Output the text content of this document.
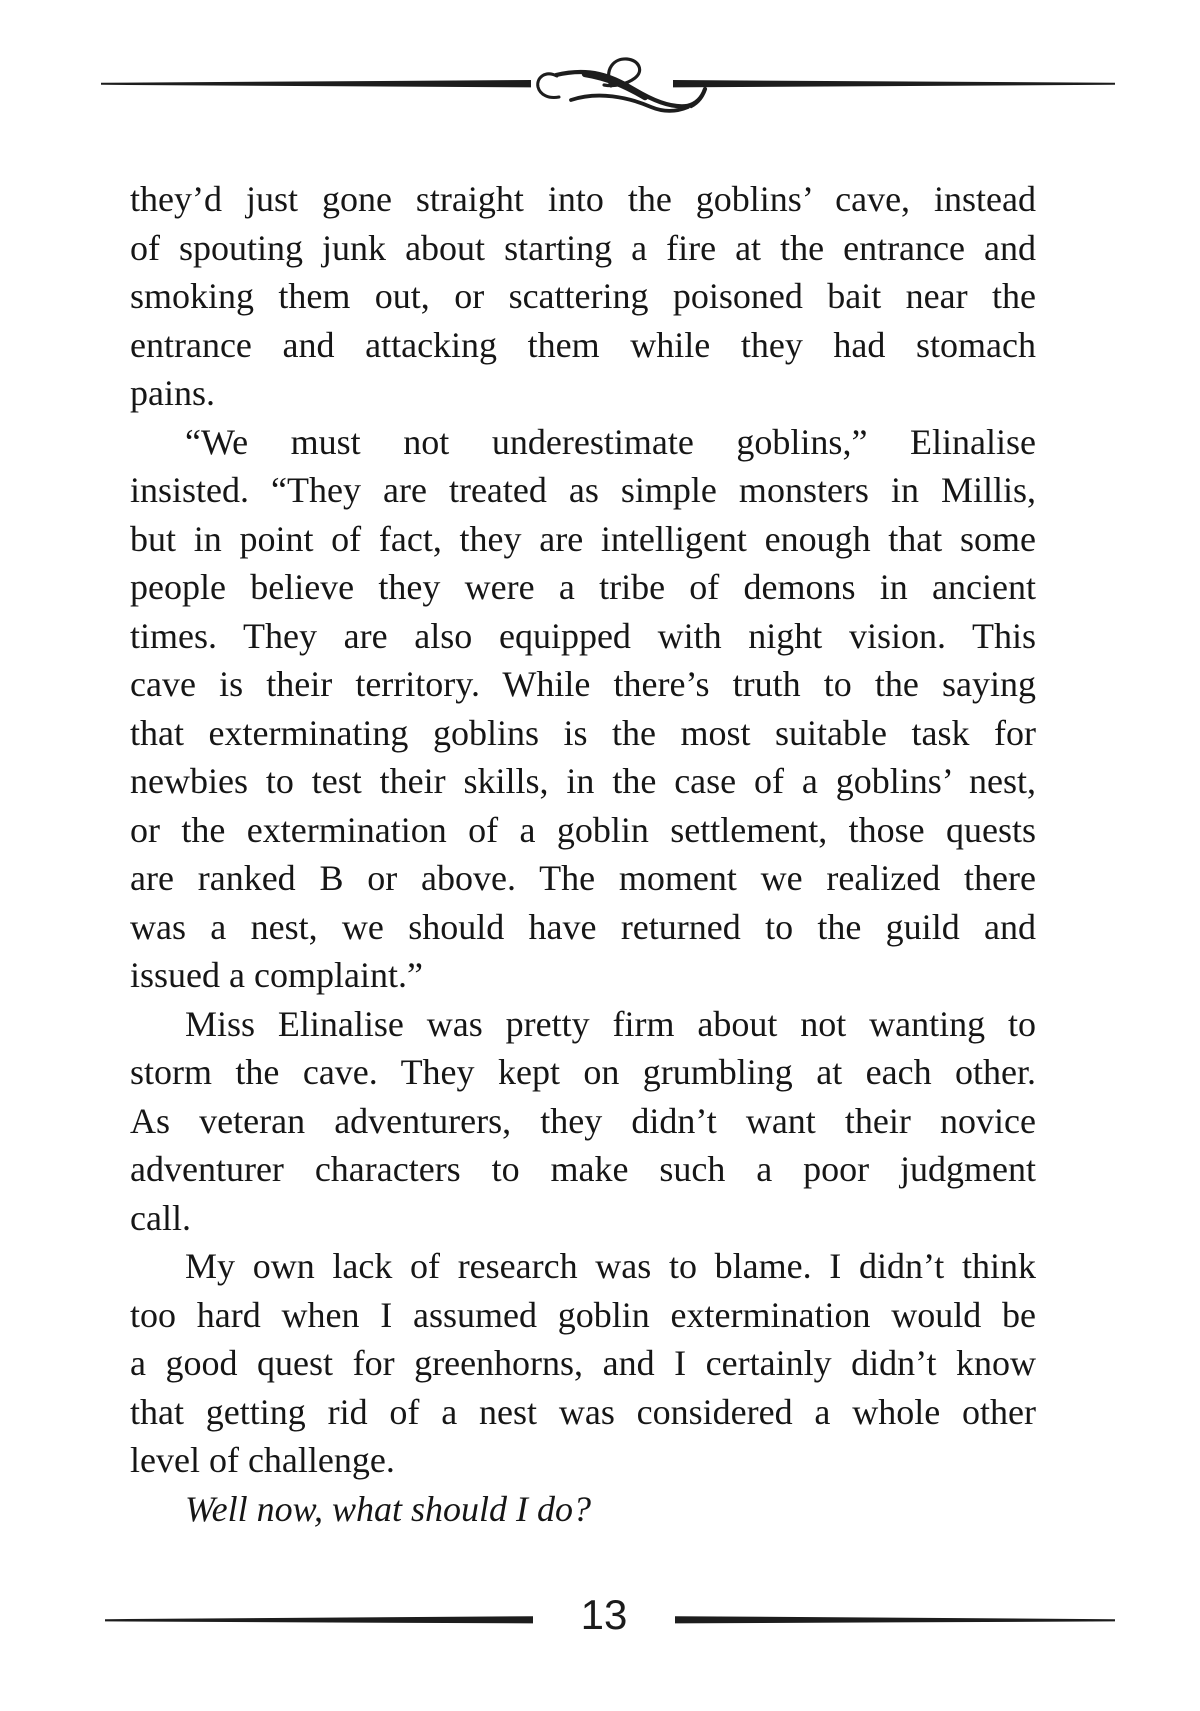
they’d just gone straight into the goblins’ cave, instead
of spouting junk about starting a fire at the entrance and
smoking them out, or scattering poisoned bait near the
entrance and attacking them while they had stomach
pains.
“We must not underestimate goblins,” Elinalise
insisted. “They are treated as simple monsters in Millis,
but in point of fact, they are intelligent enough that some
people believe they were a tribe of demons in ancient
times. They are also equipped with night vision. This
cave is their territory. While there’s truth to the saying
that exterminating goblins is the most suitable task for
newbies to test their skills, in the case of a goblins’ nest,
or the extermination of a goblin settlement, those quests
are ranked B or above. The moment we realized there
was a nest, we should have returned to the guild and
issued a complaint.”
Miss Elinalise was pretty firm about not wanting to
storm the cave. They kept on grumbling at each other.
As veteran adventurers, they didn’t want their novice
adventurer characters to make such a poor judgment
call.
My own lack of research was to blame. I didn’t think
too hard when I assumed goblin extermination would be
a good quest for greenhorns, and I certainly didn’t know
that getting rid of a nest was considered a whole other
level of challenge.
Well now, what should I do?
13
